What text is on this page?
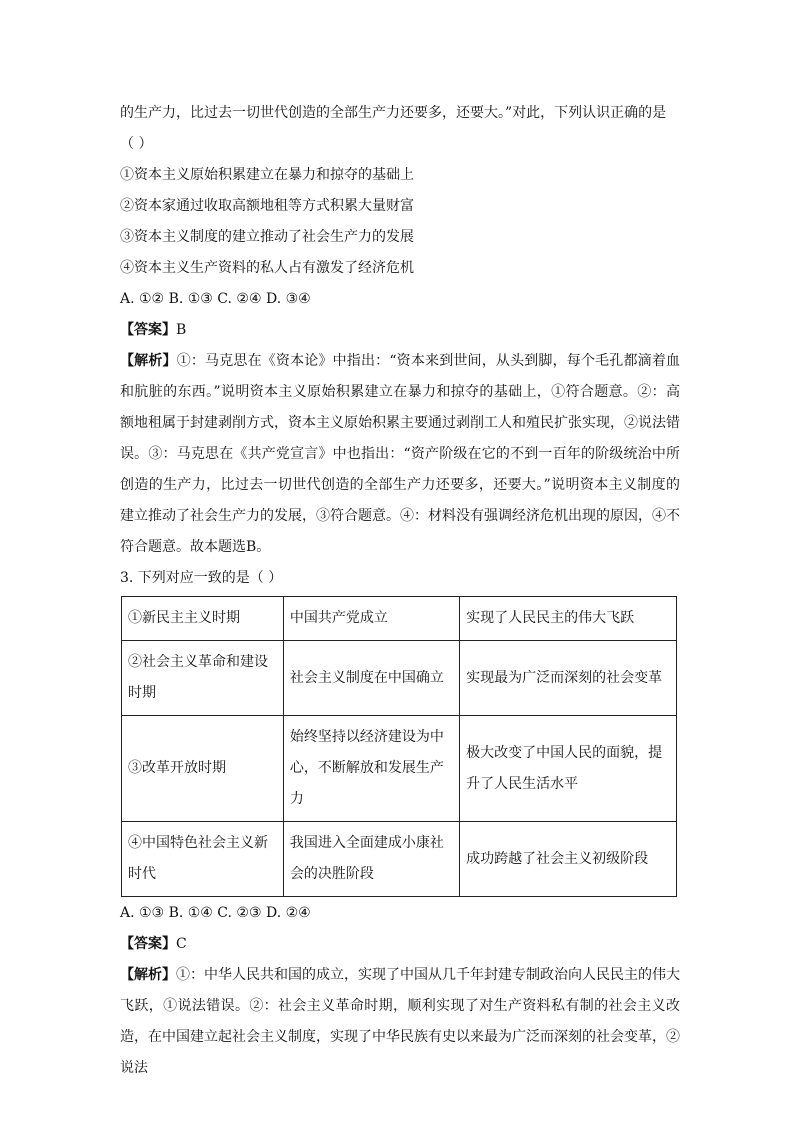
的生产力，比过去一切世代创造的全部生产力还要多，还要大。”对此，下列认识正确的是

（ ）

①资本主义原始积累建立在暴力和掠夺的基础上

②资本家通过收取高额地租等方式积累大量财富

③资本主义制度的建立推动了社会生产力的发展

④资本主义生产资料的私人占有激发了经济危机

A. ①② B. ①③ C. ②④ D. ③④

【答案】B

【解析】①：马克思在《资本论》中指出：“资本来到世间，从头到脚，每个毛孔都滴着血和肮脏的东西。”说明资本主义原始积累建立在暴力和掠夺的基础上，①符合题意。②：高额地租属于封建剥削方式，资本主义原始积累主要通过剥削工人和殖民扩张实现，②说法错误。③：马克思在《共产党宣言》中也指出：“资产阶级在它的不到一百年的阶级统治中所创造的生产力，比过去一切世代创造的全部生产力还要多，还要大。”说明资本主义制度的建立推动了社会生产力的发展，③符合题意。④：材料没有强调经济危机出现的原因，④不符合题意。故本题选B。

3. 下列对应一致的是（ ）

①新民主主义时期	中国共产党成立	实现了人民民主的伟大飞跃
②社会主义革命和建设时期	社会主义制度在中国确立	实现最为广泛而深刻的社会变革
③改革开放时期	始终坚持以经济建设为中心，不断解放和发展生产力	极大改变了中国人民的面貌，提升了人民生活水平
④中国特色社会主义新时代	我国进入全面建成小康社会的决胜阶段	成功跨越了社会主义初级阶段

A. ①③ B. ①④ C. ②③ D. ②④

【答案】C

【解析】①：中华人民共和国的成立，实现了中国从几千年封建专制政治向人民民主的伟大飞跃，①说法错误。②：社会主义革命时期，顺利实现了对生产资料私有制的社会主义改造，在中国建立起社会主义制度，实现了中华民族有史以来最为广泛而深刻的社会变革，②说法
